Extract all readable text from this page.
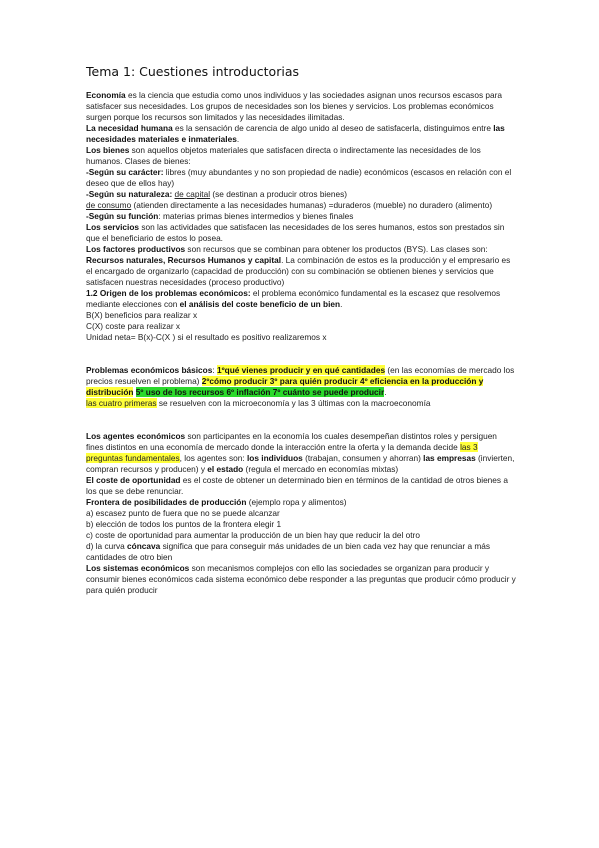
Tema 1: Cuestiones introductorias

Economía es la ciencia que estudia como unos individuos y las sociedades asignan unos recursos escasos para satisfacer sus necesidades. Los grupos de necesidades son los bienes y servicios. Los problemas económicos surgen porque los recursos son limitados y las necesidades ilimitadas.

La necesidad humana es la sensación de carencia de algo unido al deseo de satisfacerla, distinguimos entre las necesidades materiales e inmateriales.

Los bienes son aquellos objetos materiales que satisfacen directa o indirectamente las necesidades de los humanos. Clases de bienes:

-Según su carácter: libres (muy abundantes y no son propiedad de nadie) económicos (escasos en relación con el deseo que de ellos hay)

-Según su naturaleza: de capital (se destinan a producir otros bienes)

de consumo (atienden directamente a las necesidades humanas) =duraderos (mueble) no duradero (alimento)

-Según su función: materias primas bienes intermedios y bienes finales

Los servicios son las actividades que satisfacen las necesidades de los seres humanos, estos son prestados sin que el beneficiario de estos lo posea.

Los factores productivos son recursos que se combinan para obtener los productos (BYS). Las clases son: Recursos naturales, Recursos Humanos y capital. La combinación de estos es la producción y el empresario es el encargado de organizarlo (capacidad de producción) con su combinación se obtienen bienes y servicios que satisfacen nuestras necesidades (proceso productivo)

1.2 Origen de los problemas económicos: el problema económico fundamental es la escasez que resolvemos mediante elecciones con el análisis del coste beneficio de un bien.

B(X) beneficios para realizar x

C(X) coste para realizar x

Unidad neta= B(x)-C(X ) si el resultado es positivo realizaremos x

Problemas económicos básicos: 1ºqué vienes producir y en qué cantidades (en las economías de mercado los precios resuelven el problema) 2ºcómo producir 3º para quién producir 4º eficiencia en la producción y distribución 5º uso de los recursos 6º inflación 7º cuánto se puede producir.
las cuatro primeras se resuelven con la microeconomía y las 3 últimas con la macroeconomía

Los agentes económicos son participantes en la economía los cuales desempeñan distintos roles y persiguen fines distintos en una economía de mercado donde la interacción entre la oferta y la demanda decide las 3 preguntas fundamentales, los agentes son: los individuos (trabajan, consumen y ahorran) las empresas (invierten, compran recursos y producen) y el estado (regula el mercado en economías mixtas)

El coste de oportunidad es el coste de obtener un determinado bien en términos de la cantidad de otros bienes a los que se debe renunciar.

Frontera de posibilidades de producción (ejemplo ropa y alimentos)

a) escasez punto de fuera que no se puede alcanzar

b) elección de todos los puntos de la frontera elegir 1

c) coste de oportunidad para aumentar la producción de un bien hay que reducir la del otro

d) la curva cóncava significa que para conseguir más unidades de un bien cada vez hay que renunciar a más cantidades de otro bien

Los sistemas económicos son mecanismos complejos con ello las sociedades se organizan para producir y consumir bienes económicos cada sistema económico debe responder a las preguntas que producir cómo producir y para quién producir
